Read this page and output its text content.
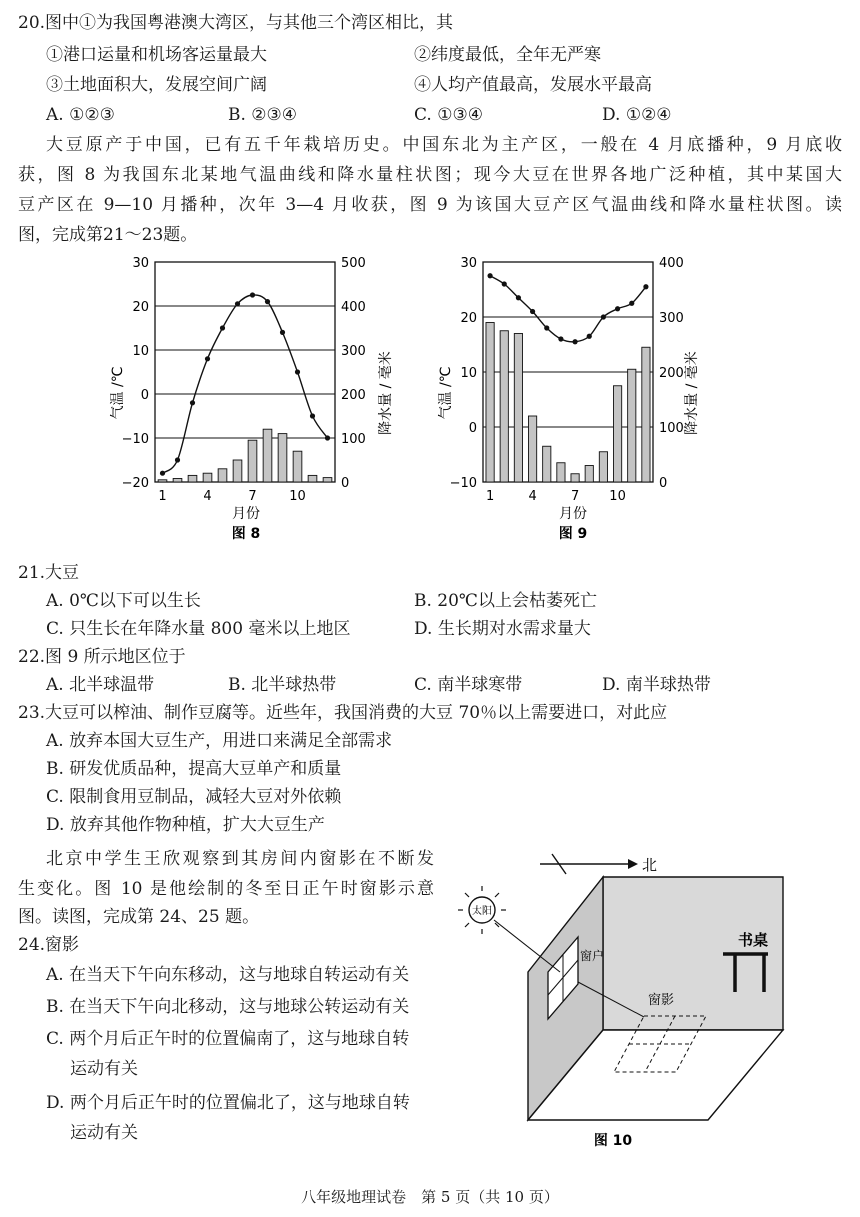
20.图中①为我国粤港澳大湾区，与其他三个湾区相比，其
①港口运量和机场客运量最大	②纬度最低，全年无严寒
③土地面积大，发展空间广阔	④人均产值最高，发展水平最高
A. ①②③	B. ②③④	C. ①③④	D. ①②④
大豆原产于中国，已有五千年栽培历史。中国东北为主产区，一般在 4 月底播种，9 月底收
获，图 8 为我国东北某地气温曲线和降水量柱状图；现今大豆在世界各地广泛种植，其中某国大
豆产区在 9—10 月播种，次年 3—4 月收获，图 9 为该国大豆产区气温曲线和降水量柱状图。读
图，完成第21～23题。
30	500
20	400
10	300
0	200
−10	100
−20	0
1	4	7	10
气温 /℃	降水量 / 毫米
月份
图 8
30	400
20	300
10	200
0	100
−10	0
1	4	7 10
气温 /℃	降水量 / 毫米
月份
图 9
21.大豆
A. 0℃以下可以生长	B. 20℃以上会枯萎死亡
C. 只生长在年降水量 800 毫米以上地区	D. 生长期对水需求量大
22.图 9 所示地区位于
A. 北半球温带	B. 北半球热带	C. 南半球寒带	D. 南半球热带
23.大豆可以榨油、制作豆腐等。近些年，我国消费的大豆 70％以上需要进口，对此应
A. 放弃本国大豆生产，用进口来满足全部需求
B. 研发优质品种，提高大豆单产和质量
C. 限制食用豆制品，减轻大豆对外依赖
D. 放弃其他作物种植，扩大大豆生产
北京中学生王欣观察到其房间内窗影在不断发
生变化。图 10 是他绘制的冬至日正午时窗影示意
图。读图，完成第 24、25 题。
24.窗影
A. 在当天下午向东移动，这与地球自转运动有关
B. 在当天下午向北移动，这与地球公转运动有关
C. 两个月后正午时的位置偏南了，这与地球自转
运动有关
D. 两个月后正午时的位置偏北了，这与地球自转
运动有关
北
太阳
窗户
窗影
书桌
图 10
八年级地理试卷　第 5 页（共 10 页）
